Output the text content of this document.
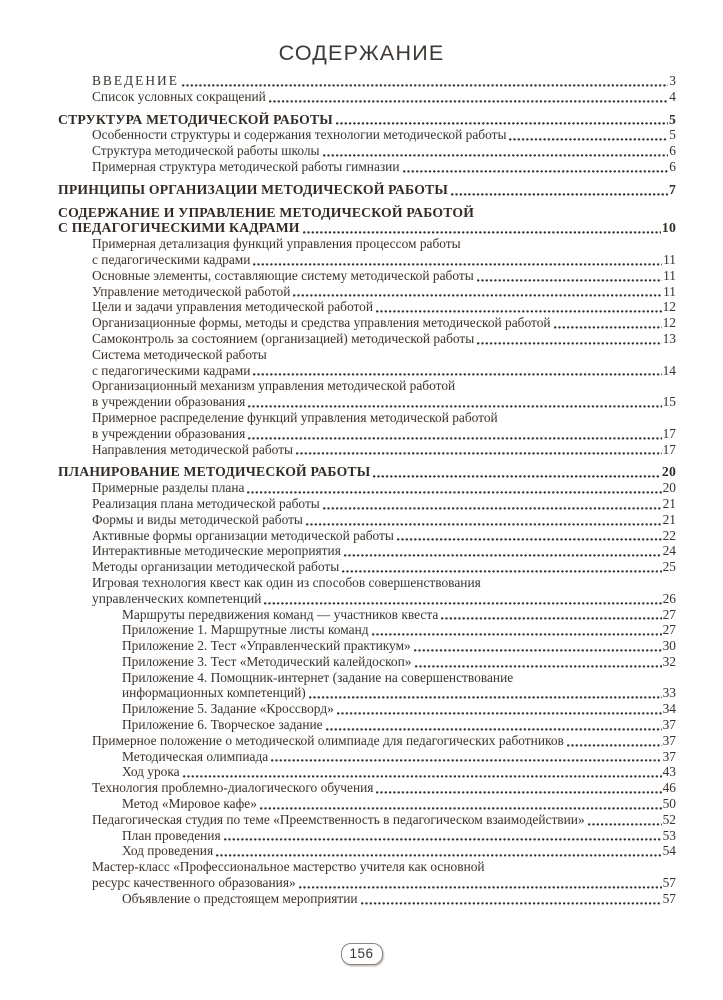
СОДЕРЖАНИЕ
ВВЕДЕНИЕ	3
Список условных сокращений	4
СТРУКТУРА МЕТОДИЧЕСКОЙ РАБОТЫ	5
Особенности структуры и содержания технологии методической работы	5
Структура методической работы школы	6
Примерная структура методической работы гимназии	6
ПРИНЦИПЫ ОРГАНИЗАЦИИ МЕТОДИЧЕСКОЙ РАБОТЫ	7
СОДЕРЖАНИЕ И УПРАВЛЕНИЕ МЕТОДИЧЕСКОЙ РАБОТОЙ
С ПЕДАГОГИЧЕСКИМИ КАДРАМИ	10
Примерная детализация функций управления процессом работы
с педагогическими кадрами	11
Основные элементы, составляющие систему методической работы	11
Управление методической работой	11
Цели и задачи управления методической работой	12
Организационные формы, методы и средства управления методической работой	12
Самоконтроль за состоянием (организацией) методической работы	13
Система методической работы
с педагогическими кадрами	14
Организационный механизм управления методической работой
в учреждении образования	15
Примерное распределение функций управления методической работой
в учреждении образования	17
Направления методической работы	17
ПЛАНИРОВАНИЕ МЕТОДИЧЕСКОЙ РАБОТЫ	20
Примерные разделы плана	20
Реализация плана методической работы	21
Формы и виды методической работы	21
Активные формы организации методической работы	22
Интерактивные методические мероприятия	24
Методы организации методической работы	25
Игровая технология квест как один из способов совершенствования
управленческих компетенций	26
Маршруты передвижения команд — участников квеста	27
Приложение 1. Маршрутные листы команд	27
Приложение 2. Тест «Управленческий практикум»	30
Приложение 3. Тест «Методический калейдоскоп»	32
Приложение 4. Помощник-интернет (задание на совершенствование
информационных компетенций)	33
Приложение 5. Задание «Кроссворд»	34
Приложение 6. Творческое задание	37
Примерное положение о методической олимпиаде для педагогических работников	37
Методическая олимпиада	37
Ход урока	43
Технология проблемно-диалогического обучения	46
Метод «Мировое кафе»	50
Педагогическая студия по теме «Преемственность в педагогическом взаимодействии»	52
План проведения	53
Ход проведения	54
Мастер-класс «Профессиональное мастерство учителя как основной
ресурс качественного образования»	57
Объявление о предстоящем мероприятии	57
156
